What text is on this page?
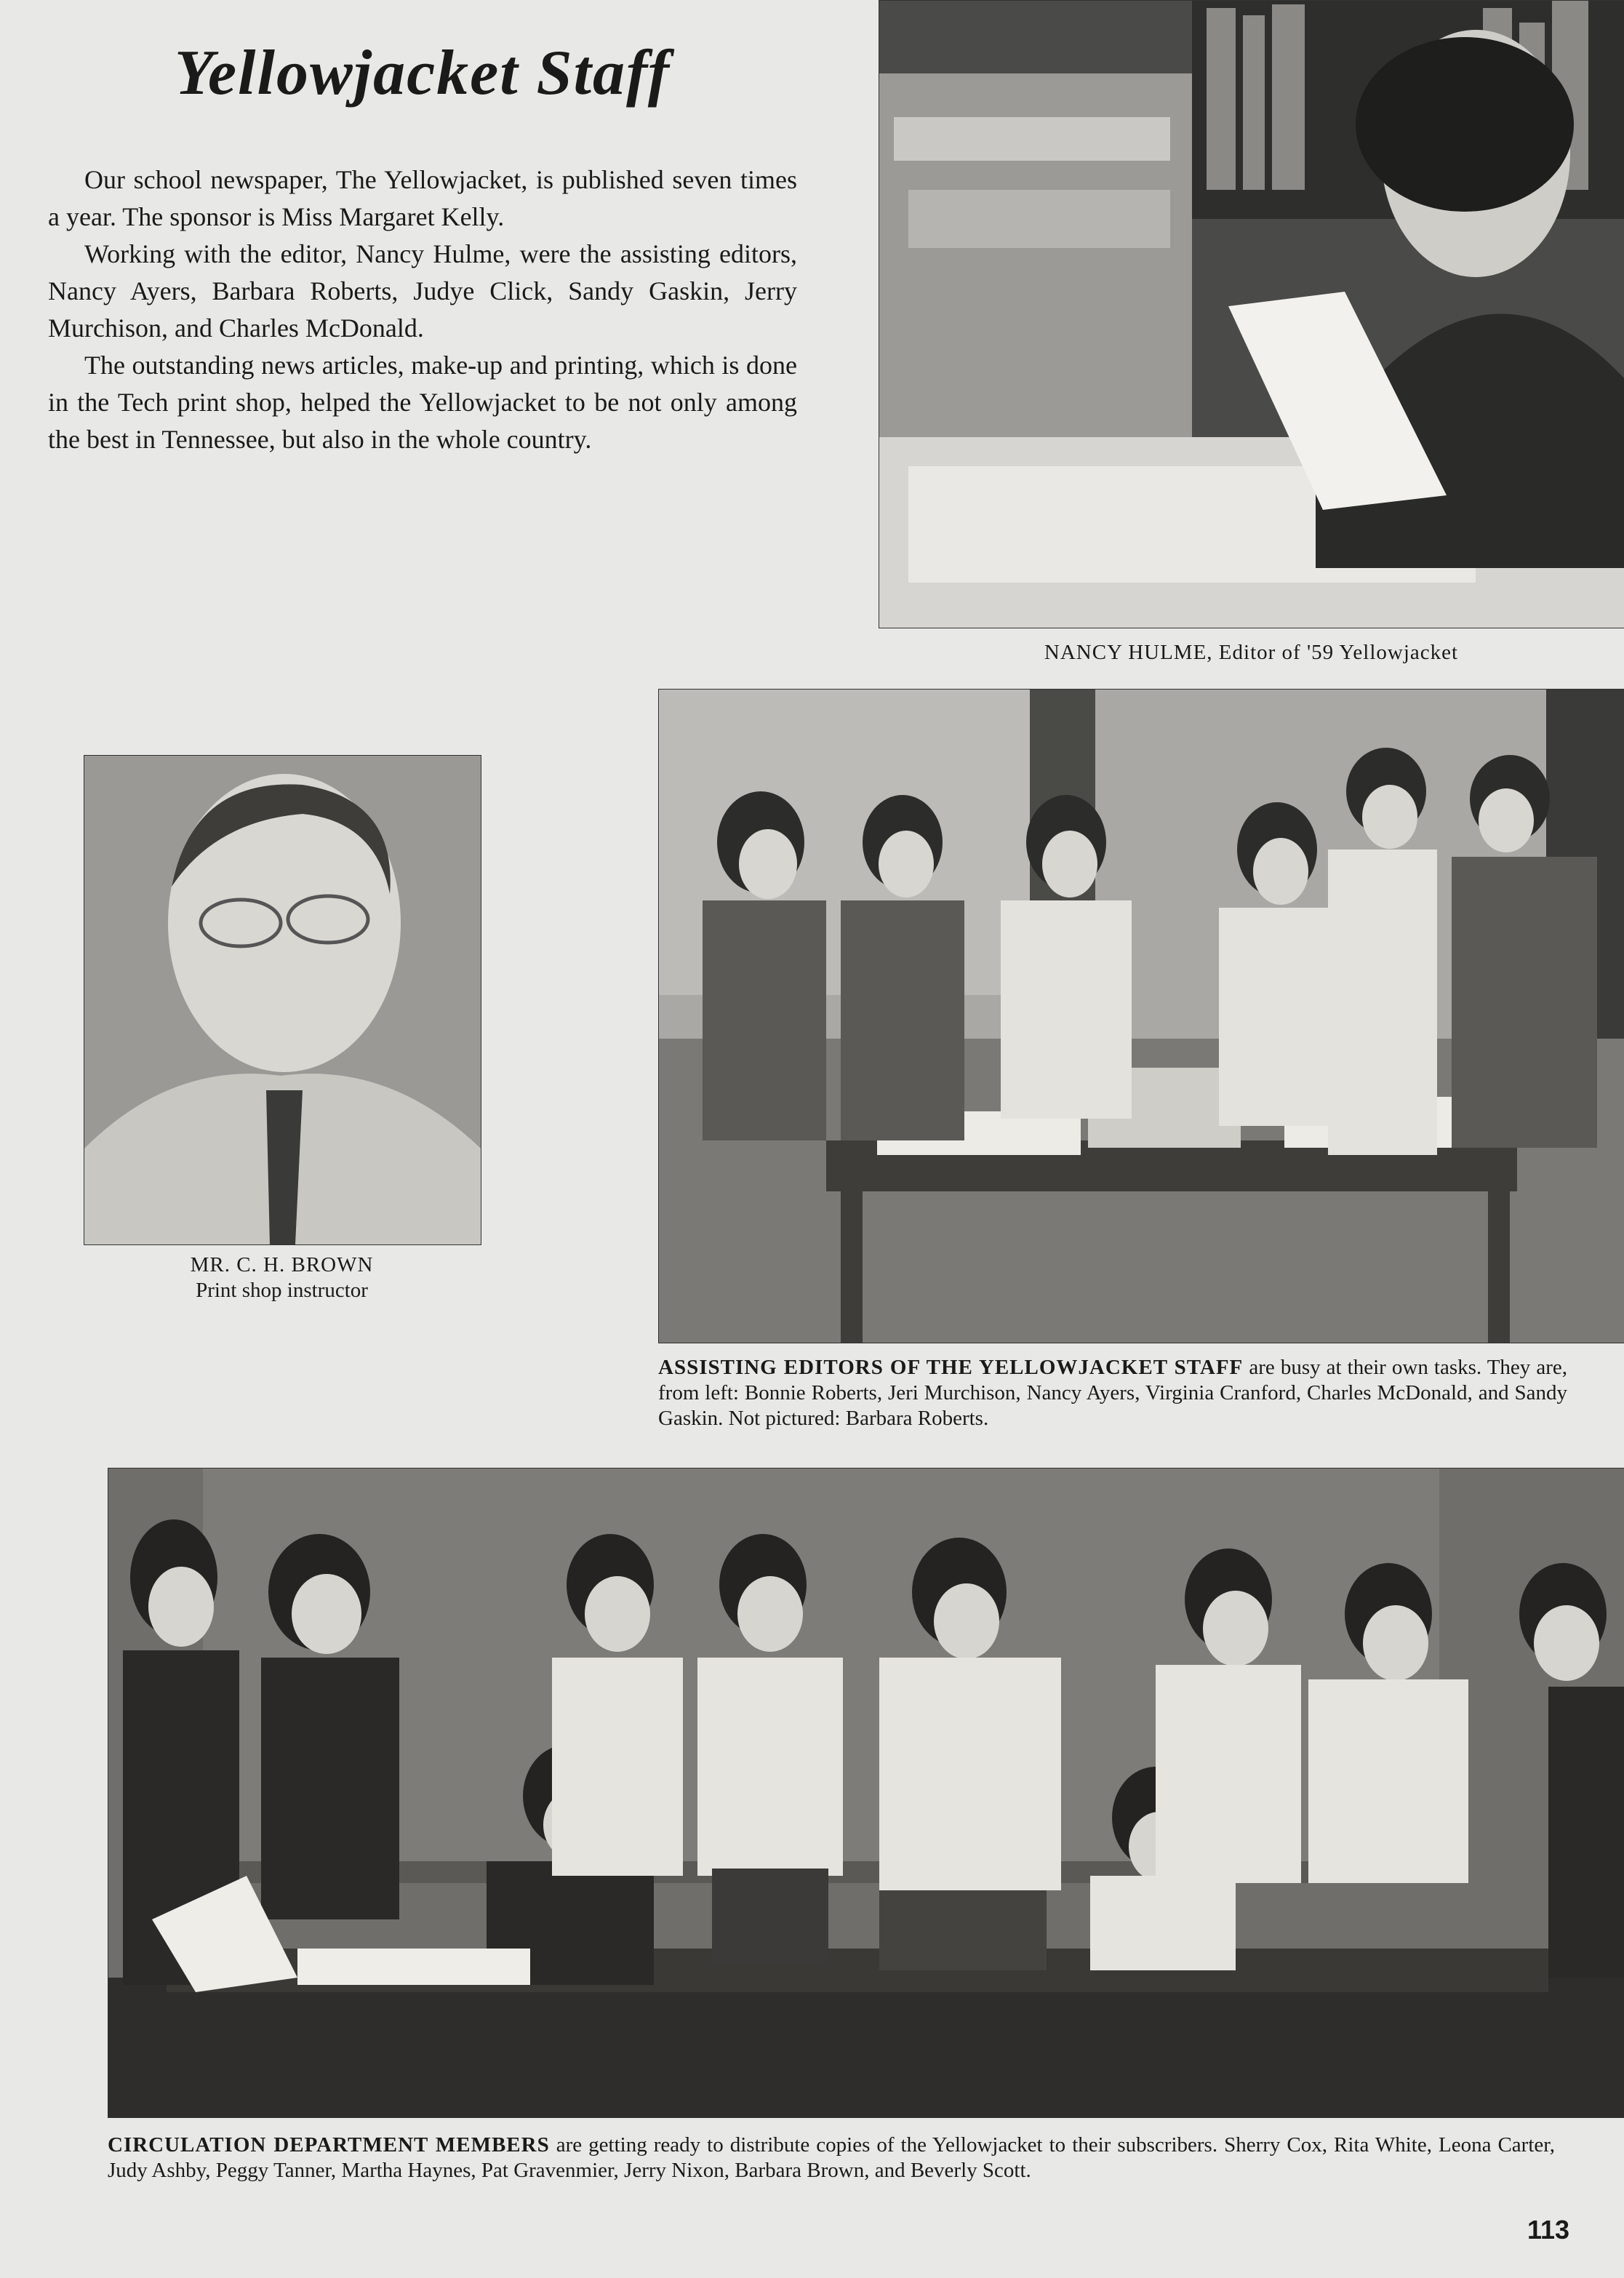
Yellowjacket Staff

Our school newspaper, The Yellowjacket, is published seven times a year. The sponsor is Miss Margaret Kelly.

Working with the editor, Nancy Hulme, were the assisting editors, Nancy Ayers, Barbara Roberts, Judye Click, Sandy Gaskin, Jerry Murchison, and Charles McDonald.

The outstanding news articles, make-up and printing, which is done in the Tech print shop, helped the Yellowjacket to be not only among the best in Tennessee, but also in the whole country.

NANCY HULME, Editor of '59 Yellowjacket
MR. C. H. BROWN
Print shop instructor
ASSISTING EDITORS OF THE YELLOWJACKET STAFF are busy at their own tasks. They are, from left: Bonnie Roberts, Jeri Murchison, Nancy Ayers, Virginia Cranford, Charles McDonald, and Sandy Gaskin. Not pictured: Barbara Roberts.
CIRCULATION DEPARTMENT MEMBERS are getting ready to distribute copies of the Yellowjacket to their subscribers. Sherry Cox, Rita White, Leona Carter, Judy Ashby, Peggy Tanner, Martha Haynes, Pat Gravenmier, Jerry Nixon, Barbara Brown, and Beverly Scott.
113
